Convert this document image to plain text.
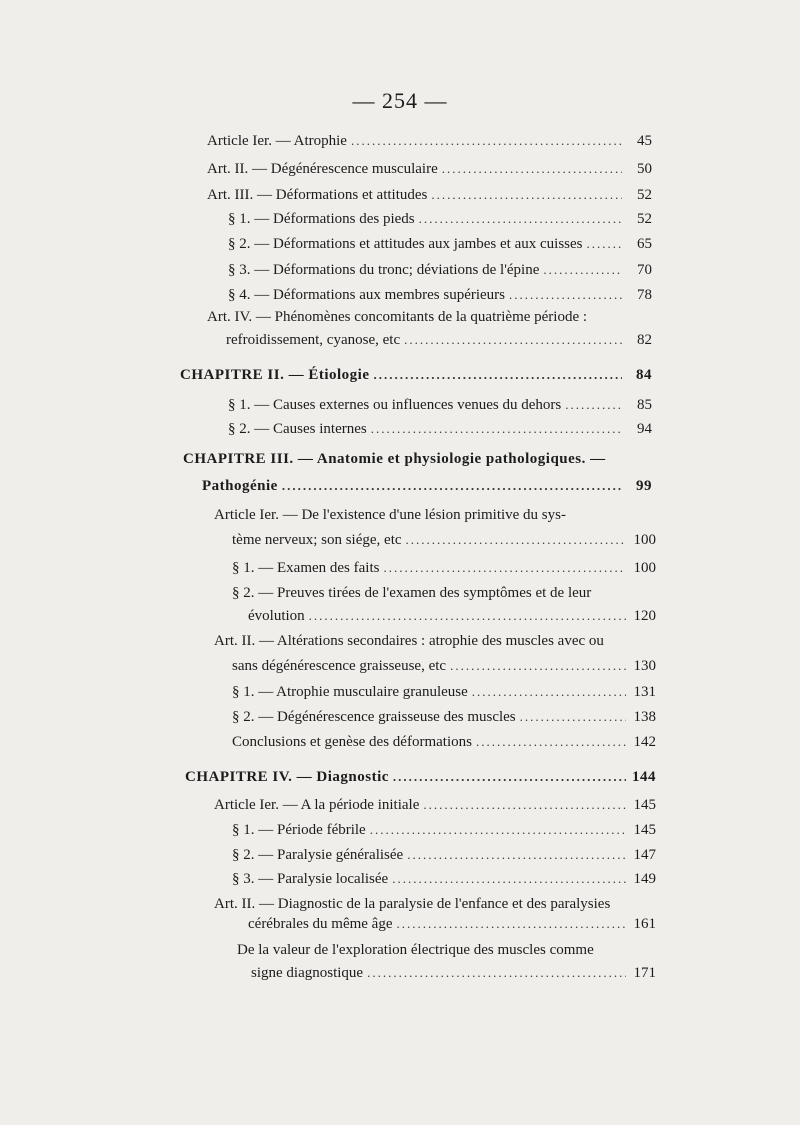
— 254 —
Article Ier. — Atrophie .....	45
Art. II. — Dégénérescence musculaire .....	50
Art. III. — Déformations et attitudes .....	52
§ 1. — Déformations des pieds .....	52
§ 2. — Déformations et attitudes aux jambes et aux cuisses .....	65
§ 3. — Déformations du tronc; déviations de l'épine .....	70
§ 4. — Déformations aux membres supérieurs .....	78
Art. IV. — Phénomènes concomitants de la quatrième période :
refroidissement, cyanose, etc .....	82
CHAPITRE II. — Étiologie .....	84
§ 1. — Causes externes ou influences venues du dehors .....	85
§ 2. — Causes internes .....	94
CHAPITRE III. — Anatomie et physiologie pathologiques. —
Pathogénie .....	99
Article Ier. — De l'existence d'une lésion primitive du sys-
tème nerveux; son siége, etc .....	100
§ 1. — Examen des faits .....	100
§ 2. — Preuves tirées de l'examen des symptômes et de leur
évolution .....	120
Art. II. — Altérations secondaires : atrophie des muscles avec ou
sans dégénérescence graisseuse, etc .....	130
§ 1. — Atrophie musculaire granuleuse .....	131
§ 2. — Dégénérescence graisseuse des muscles .....	138
Conclusions et genèse des déformations .....	142
CHAPITRE IV. — Diagnostic .....	144
Article Ier. — A la période initiale .....	145
§ 1. — Période fébrile .....	145
§ 2. — Paralysie généralisée .....	147
§ 3. — Paralysie localisée .....	149
Art. II. — Diagnostic de la paralysie de l'enfance et des paralysies
cérébrales du même âge .....	161
De la valeur de l'exploration électrique des muscles comme
signe diagnostique .....	171
